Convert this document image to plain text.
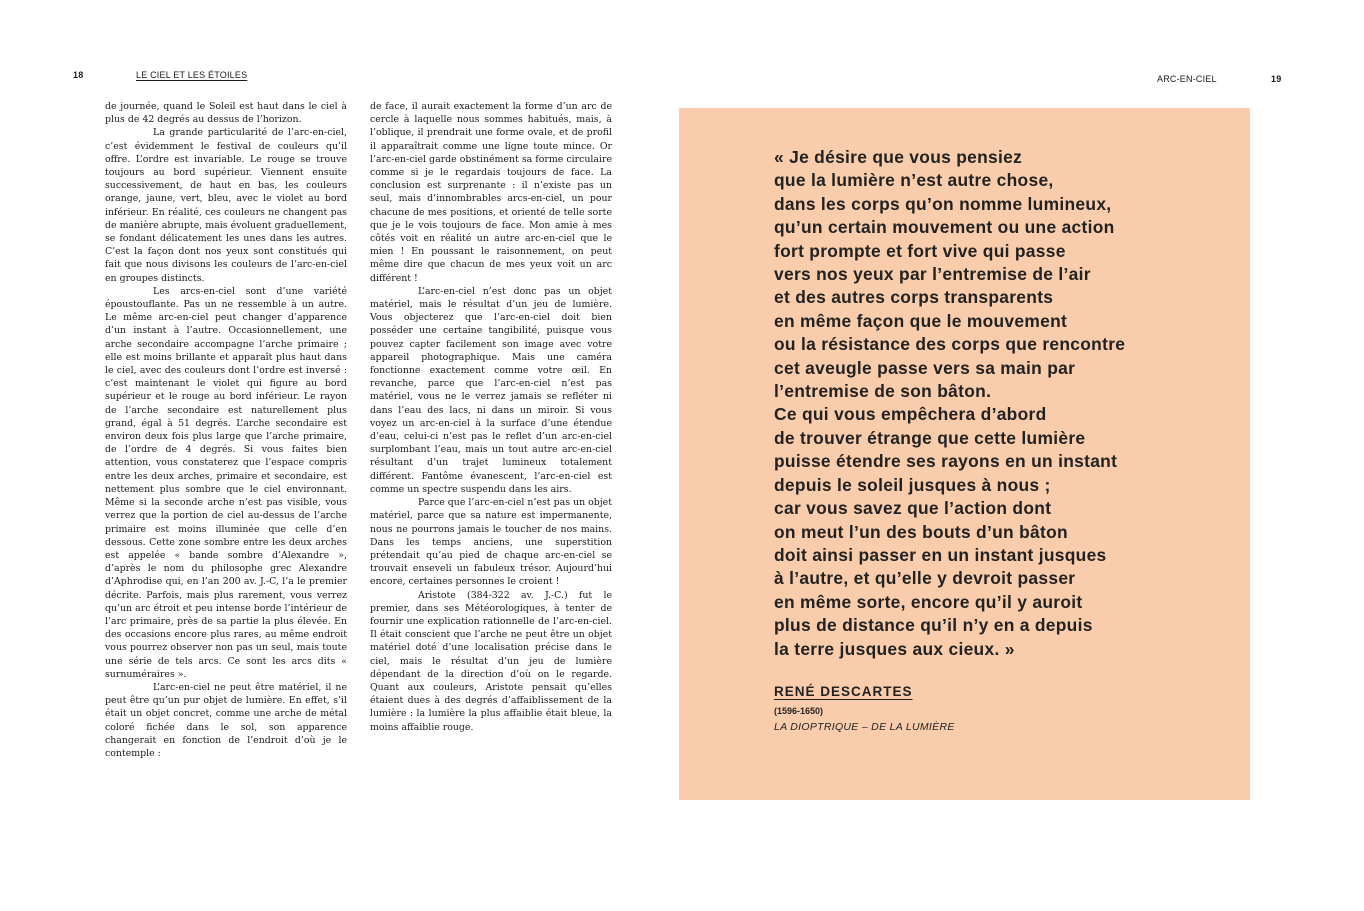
18	LE CIEL ET LES ÉTOILES

de journée, quand le Soleil est haut dans le ciel à plus de 42 degrés au dessus de l’horizon.

La grande particularité de l’arc-en-ciel, c’est évidemment le festival de couleurs qu’il offre. L’ordre est invariable. Le rouge se trouve toujours au bord supérieur. Viennent ensuite successivement, de haut en bas, les couleurs orange, jaune, vert, bleu, avec le violet au bord inférieur. En réalité, ces couleurs ne changent pas de manière abrupte, mais évoluent graduellement, se fondant délicatement les unes dans les autres. C’est la façon dont nos yeux sont constitués qui fait que nous divisons les couleurs de l’arc-en-ciel en groupes distincts.

Les arcs-en-ciel sont d’une variété époustouflante. Pas un ne ressemble à un autre. Le même arc-en-ciel peut changer d’apparence d’un instant à l’autre. Occasionnellement, une arche secondaire accompagne l’arche primaire ; elle est moins brillante et apparaît plus haut dans le ciel, avec des couleurs dont l’ordre est inversé : c’est maintenant le violet qui figure au bord supérieur et le rouge au bord inférieur. Le rayon de l’arche secondaire est naturellement plus grand, égal à 51 degrés. L’arche secondaire est environ deux fois plus large que l’arche primaire, de l’ordre de 4 degrés. Si vous faites bien attention, vous constaterez que l’espace compris entre les deux arches, primaire et secondaire, est nettement plus sombre que le ciel environnant. Même si la seconde arche n’est pas visible, vous verrez que la portion de ciel au-dessus de l’arche primaire est moins illuminée que celle d’en dessous. Cette zone sombre entre les deux arches est appelée « bande sombre d’Alexandre », d’après le nom du philosophe grec Alexandre d’Aphrodise qui, en l’an 200 av. J.-C, l’a le premier décrite. Parfois, mais plus rarement, vous verrez qu’un arc étroit et peu intense borde l’intérieur de l’arc primaire, près de sa partie la plus élevée. En des occasions encore plus rares, au même endroit vous pourrez observer non pas un seul, mais toute une série de tels arcs. Ce sont les arcs dits « surnuméraires ».

L’arc-en-ciel ne peut être matériel, il ne peut être qu’un pur objet de lumière. En effet, s’il était un objet concret, comme une arche de métal coloré fichée dans le sol, son apparence changerait en fonction de l’endroit d’où je le contemple :

de face, il aurait exactement la forme d’un arc de cercle à laquelle nous sommes habitués, mais, à l’oblique, il prendrait une forme ovale, et de profil il apparaîtrait comme une ligne toute mince. Or l’arc-en-ciel garde obstinément sa forme circulaire comme si je le regardais toujours de face. La conclusion est surprenante : il n’existe pas un seul, mais d’innombrables arcs-en-ciel, un pour chacune de mes positions, et orienté de telle sorte que je le vois toujours de face. Mon amie à mes côtés voit en réalité un autre arc-en-ciel que le mien ! En poussant le raisonnement, on peut même dire que chacun de mes yeux voit un arc différent !

L’arc-en-ciel n’est donc pas un objet matériel, mais le résultat d’un jeu de lumière. Vous objecterez que l’arc-en-ciel doit bien posséder une certaine tangibilité, puisque vous pouvez capter facilement son image avec votre appareil photographique. Mais une caméra fonctionne exactement comme votre œil. En revanche, parce que l’arc-en-ciel n’est pas matériel, vous ne le verrez jamais se refléter ni dans l’eau des lacs, ni dans un miroir. Si vous voyez un arc-en-ciel à la surface d’une étendue d’eau, celui-ci n’est pas le reflet d’un arc-en-ciel surplombant l’eau, mais un tout autre arc-en-ciel résultant d’un trajet lumineux totalement différent. Fantôme évanescent, l’arc-en-ciel est comme un spectre suspendu dans les airs.

Parce que l’arc-en-ciel n’est pas un objet matériel, parce que sa nature est impermanente, nous ne pourrons jamais le toucher de nos mains. Dans les temps anciens, une superstition prétendait qu’au pied de chaque arc-en-ciel se trouvait enseveli un fabuleux trésor. Aujourd’hui encore, certaines personnes le croient !

Aristote (384-322 av. J.-C.) fut le premier, dans ses Météorologiques, à tenter de fournir une explication rationnelle de l’arc-en-ciel. Il était conscient que l’arche ne peut être un objet matériel doté d’une localisation précise dans le ciel, mais le résultat d’un jeu de lumière dépendant de la direction d’où on le regarde. Quant aux couleurs, Aristote pensait qu’elles étaient dues à des degrés d’affaiblissement de la lumière : la lumière la plus affaiblie était bleue, la moins affaiblie rouge.

ARC-EN-CIEL	19
« Je désire que vous pensiez
que la lumière n’est autre chose,
dans les corps qu’on nomme lumineux,
qu’un certain mouvement ou une action
fort prompte et fort vive qui passe
vers nos yeux par l’entremise de l’air
et des autres corps transparents
en même façon que le mouvement
ou la résistance des corps que rencontre
cet aveugle passe vers sa main par
l’entremise de son bâton.
Ce qui vous empêchera d’abord
de trouver étrange que cette lumière
puisse étendre ses rayons en un instant
depuis le soleil jusques à nous ;
car vous savez que l’action dont
on meut l’un des bouts d’un bâton
doit ainsi passer en un instant jusques
à l’autre, et qu’elle y devroit passer
en même sorte, encore qu’il y auroit
plus de distance qu’il n’y en a depuis
la terre jusques aux cieux. »
RENÉ DESCARTES
(1596-1650)
LA DIOPTRIQUE – DE LA LUMIÈRE
